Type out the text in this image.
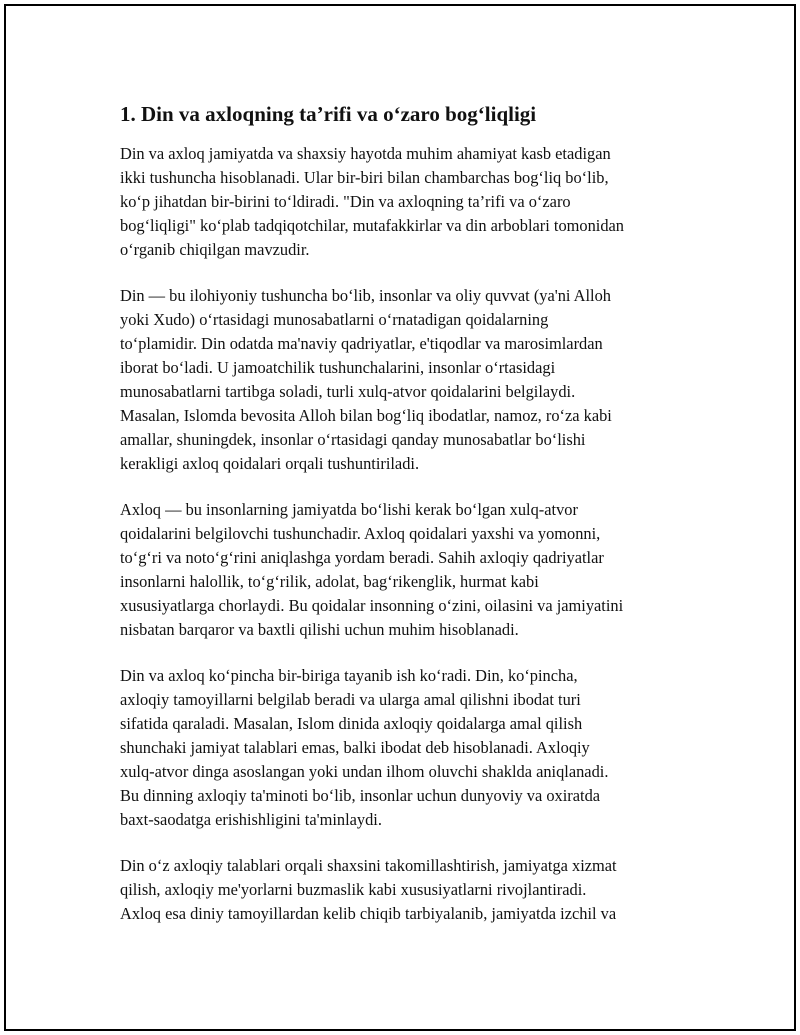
1. Din va axloqning ta’rifi va o‘zaro bog‘liqligi

Din va axloq jamiyatda va shaxsiy hayotda muhim ahamiyat kasb etadigan
ikki tushuncha hisoblanadi. Ular bir-biri bilan chambarchas bog‘liq bo‘lib,
ko‘p jihatdan bir-birini to‘ldiradi. "Din va axloqning ta’rifi va o‘zaro
bog‘liqligi" ko‘plab tadqiqotchilar, mutafakkirlar va din arboblari tomonidan
o‘rganib chiqilgan mavzudir.

Din — bu ilohiyoniy tushuncha bo‘lib, insonlar va oliy quvvat (ya'ni Alloh
yoki Xudo) o‘rtasidagi munosabatlarni o‘rnatadigan qoidalarning
to‘plamidir. Din odatda ma'naviy qadriyatlar, e'tiqodlar va marosimlardan
iborat bo‘ladi. U jamoatchilik tushunchalarini, insonlar o‘rtasidagi
munosabatlarni tartibga soladi, turli xulq-atvor qoidalarini belgilaydi.
Masalan, Islomda bevosita Alloh bilan bog‘liq ibodatlar, namoz, ro‘za kabi
amallar, shuningdek, insonlar o‘rtasidagi qanday munosabatlar bo‘lishi
kerakligi axloq qoidalari orqali tushuntiriladi.

Axloq — bu insonlarning jamiyatda bo‘lishi kerak bo‘lgan xulq-atvor
qoidalarini belgilovchi tushunchadir. Axloq qoidalari yaxshi va yomonni,
to‘g‘ri va noto‘g‘rini aniqlashga yordam beradi. Sahih axloqiy qadriyatlar
insonlarni halollik, to‘g‘rilik, adolat, bag‘rikenglik, hurmat kabi
xususiyatlarga chorlaydi. Bu qoidalar insonning o‘zini, oilasini va jamiyatini
nisbatan barqaror va baxtli qilishi uchun muhim hisoblanadi.

Din va axloq ko‘pincha bir-biriga tayanib ish ko‘radi. Din, ko‘pincha,
axloqiy tamoyillarni belgilab beradi va ularga amal qilishni ibodat turi
sifatida qaraladi. Masalan, Islom dinida axloqiy qoidalarga amal qilish
shunchaki jamiyat talablari emas, balki ibodat deb hisoblanadi. Axloqiy
xulq-atvor dinga asoslangan yoki undan ilhom oluvchi shaklda aniqlanadi.
Bu dinning axloqiy ta'minoti bo‘lib, insonlar uchun dunyoviy va oxiratda
baxt-saodatga erishishligini ta'minlaydi.

Din o‘z axloqiy talablari orqali shaxsini takomillashtirish, jamiyatga xizmat
qilish, axloqiy me'yorlarni buzmaslik kabi xususiyatlarni rivojlantiradi.
Axloq esa diniy tamoyillardan kelib chiqib tarbiyalanib, jamiyatda izchil va
